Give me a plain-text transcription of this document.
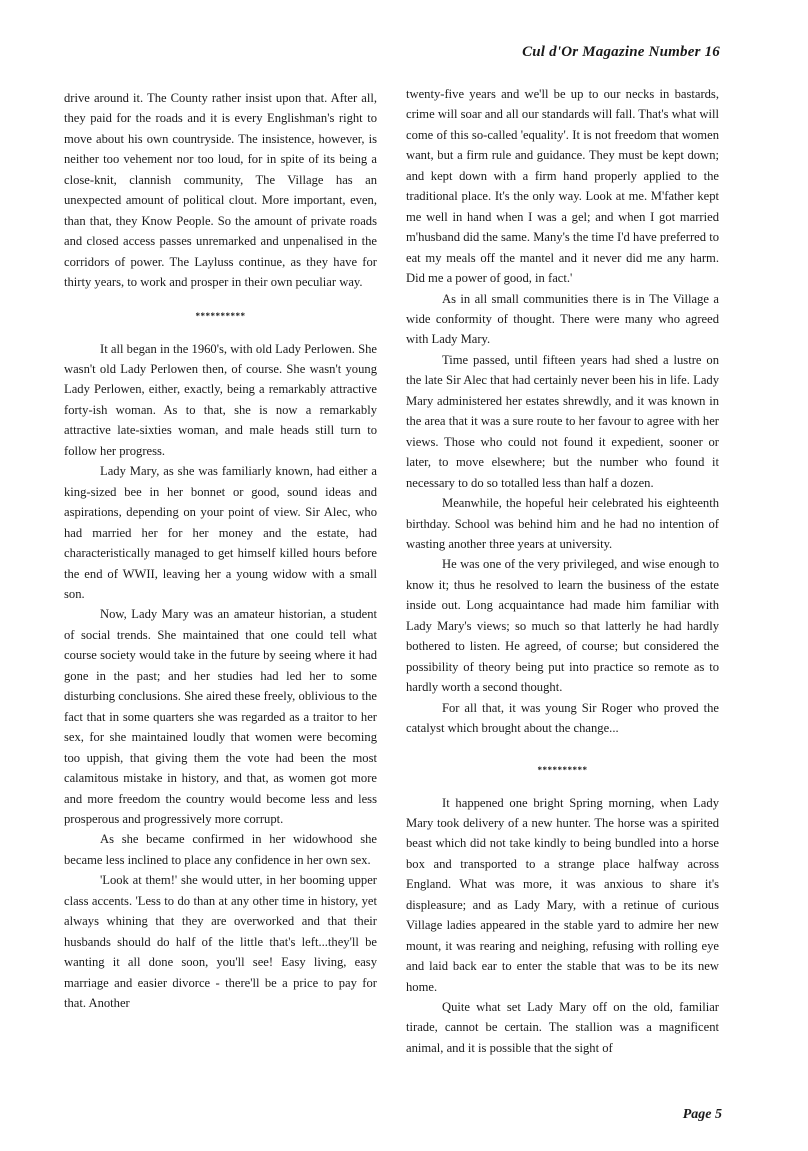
Cul d'Or Magazine Number 16

drive around it. The County rather insist upon that. After all, they paid for the roads and it is every Englishman's right to move about his own countryside. The insistence, however, is neither too vehement nor too loud, for in spite of its being a close-knit, clannish community, The Village has an unexpected amount of political clout. More important, even, than that, they Know People. So the amount of private roads and closed access passes unremarked and unpenalised in the corridors of power. The Layluss continue, as they have for thirty years, to work and prosper in their own peculiar way.

**********

It all began in the 1960's, with old Lady Perlowen. She wasn't old Lady Perlowen then, of course. She wasn't young Lady Perlowen, either, exactly, being a remarkably attractive forty-ish woman. As to that, she is now a remarkably attractive late-sixties woman, and male heads still turn to follow her progress.

Lady Mary, as she was familiarly known, had either a king-sized bee in her bonnet or good, sound ideas and aspirations, depending on your point of view. Sir Alec, who had married her for her money and the estate, had characteristically managed to get himself killed hours before the end of WWII, leaving her a young widow with a small son.

Now, Lady Mary was an amateur historian, a student of social trends. She maintained that one could tell what course society would take in the future by seeing where it had gone in the past; and her studies had led her to some disturbing conclusions. She aired these freely, oblivious to the fact that in some quarters she was regarded as a traitor to her sex, for she maintained loudly that women were becoming too uppish, that giving them the vote had been the most calamitous mistake in history, and that, as women got more and more freedom the country would become less and less prosperous and progressively more corrupt.

As she became confirmed in her widowhood she became less inclined to place any confidence in her own sex.

'Look at them!' she would utter, in her booming upper class accents. 'Less to do than at any other time in history, yet always whining that they are overworked and that their husbands should do half of the little that's left...they'll be wanting it all done soon, you'll see! Easy living, easy marriage and easier divorce - there'll be a price to pay for that. Another

twenty-five years and we'll be up to our necks in bastards, crime will soar and all our standards will fall. That's what will come of this so-called 'equality'. It is not freedom that women want, but a firm rule and guidance. They must be kept down; and kept down with a firm hand properly applied to the traditional place. It's the only way. Look at me. M'father kept me well in hand when I was a gel; and when I got married m'husband did the same. Many's the time I'd have preferred to eat my meals off the mantel and it never did me any harm. Did me a power of good, in fact.'

As in all small communities there is in The Village a wide conformity of thought. There were many who agreed with Lady Mary.

Time passed, until fifteen years had shed a lustre on the late Sir Alec that had certainly never been his in life. Lady Mary administered her estates shrewdly, and it was known in the area that it was a sure route to her favour to agree with her views. Those who could not found it expedient, sooner or later, to move elsewhere; but the number who found it necessary to do so totalled less than half a dozen.

Meanwhile, the hopeful heir celebrated his eighteenth birthday. School was behind him and he had no intention of wasting another three years at university.

He was one of the very privileged, and wise enough to know it; thus he resolved to learn the business of the estate inside out. Long acquaintance had made him familiar with Lady Mary's views; so much so that latterly he had hardly bothered to listen. He agreed, of course; but considered the possibility of theory being put into practice so remote as to hardly worth a second thought.

For all that, it was young Sir Roger who proved the catalyst which brought about the change...

**********

It happened one bright Spring morning, when Lady Mary took delivery of a new hunter. The horse was a spirited beast which did not take kindly to being bundled into a horse box and transported to a strange place halfway across England. What was more, it was anxious to share it's displeasure; and as Lady Mary, with a retinue of curious Village ladies appeared in the stable yard to admire her new mount, it was rearing and neighing, refusing with rolling eye and laid back ear to enter the stable that was to be its new home.

Quite what set Lady Mary off on the old, familiar tirade, cannot be certain. The stallion was a magnificent animal, and it is possible that the sight of

Page 5
